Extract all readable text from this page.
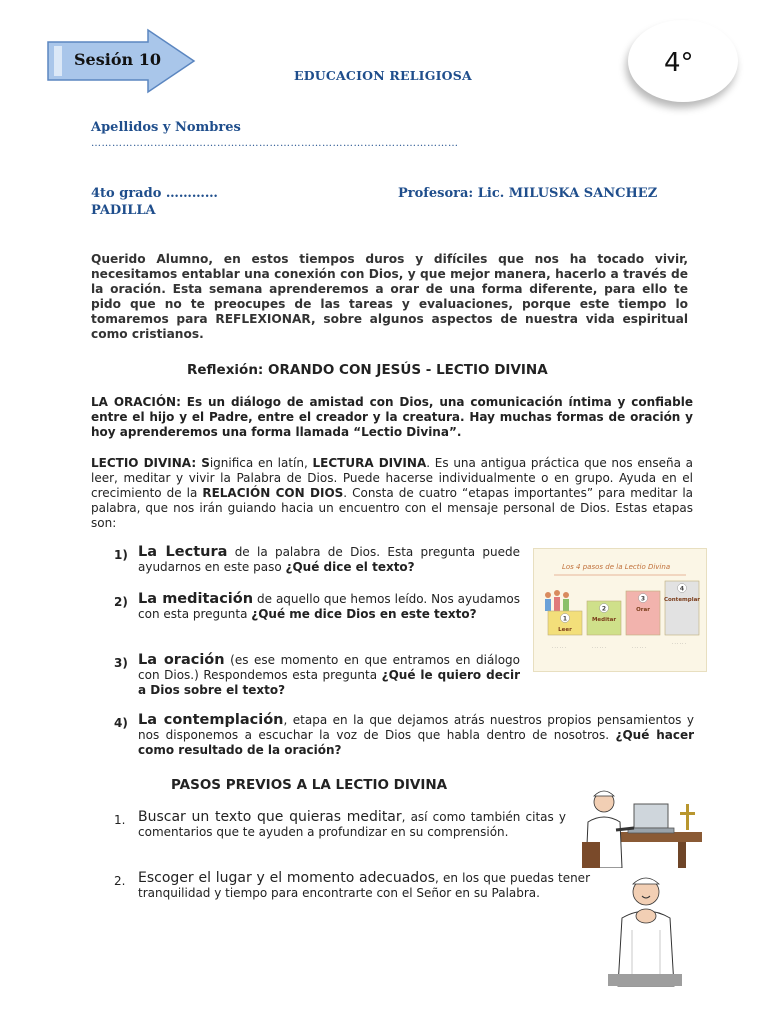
Sesión 10
EDUCACION RELIGIOSA	4°
Apellidos y Nombres
……………………………………………………………………………………………
4to grado …………	Profesora: Lic. MILUSKA SANCHEZ
PADILLA
Querido Alumno, en estos tiempos duros y difíciles que nos ha tocado vivir, necesitamos entablar una conexión con Dios, y que mejor manera, hacerlo a través de la oración. Esta semana aprenderemos a orar de una forma diferente, para ello te pido que no te preocupes de las tareas y evaluaciones, porque este tiempo lo tomaremos para REFLEXIONAR, sobre algunos aspectos de nuestra vida espiritual como cristianos.
Reflexión: ORANDO CON JESÚS - LECTIO DIVINA
LA ORACIÓN: Es un diálogo de amistad con Dios, una comunicación íntima y confiable entre el hijo y el Padre, entre el creador y la creatura. Hay muchas formas de oración y hoy aprenderemos una forma llamada “Lectio Divina”.
LECTIO DIVINA: Significa en latín, LECTURA DIVINA. Es una antigua práctica que nos enseña a leer, meditar y vivir la Palabra de Dios. Puede hacerse individualmente o en grupo. Ayuda en el crecimiento de la RELACIÓN CON DIOS. Consta de cuatro “etapas importantes” para meditar la palabra, que nos irán guiando hacia un encuentro con el mensaje personal de Dios. Estas etapas son:
1) La Lectura de la palabra de Dios. Esta pregunta puede ayudarnos en este paso ¿Qué dice el texto?
2) La meditación de aquello que hemos leído. Nos ayudamos con esta pregunta ¿Qué me dice Dios en este texto?
3) La oración (es ese momento en que entramos en diálogo con Dios.) Respondemos esta pregunta ¿Qué le quiero decir a Dios sobre el texto?
4) La contemplación, etapa en la que dejamos atrás nuestros propios pensamientos y nos disponemos a escuchar la voz de Dios que habla dentro de nosotros. ¿Qué hacer como resultado de la oración?
Los 4 pasos de la Lectio Divina
1
Leer
2
Meditar
3
Orar
4
Contemplar
· · · · · ·	· · · · · ·	· · · · · ·
· · · · · ·
PASOS PREVIOS A LA LECTIO DIVINA
1. Buscar un texto que quieras meditar, así como también citas y comentarios que te ayuden a profundizar en su comprensión.
2. Escoger el lugar y el momento adecuados, en los que puedas tener tranquilidad y tiempo para encontrarte con el Señor en su Palabra.
